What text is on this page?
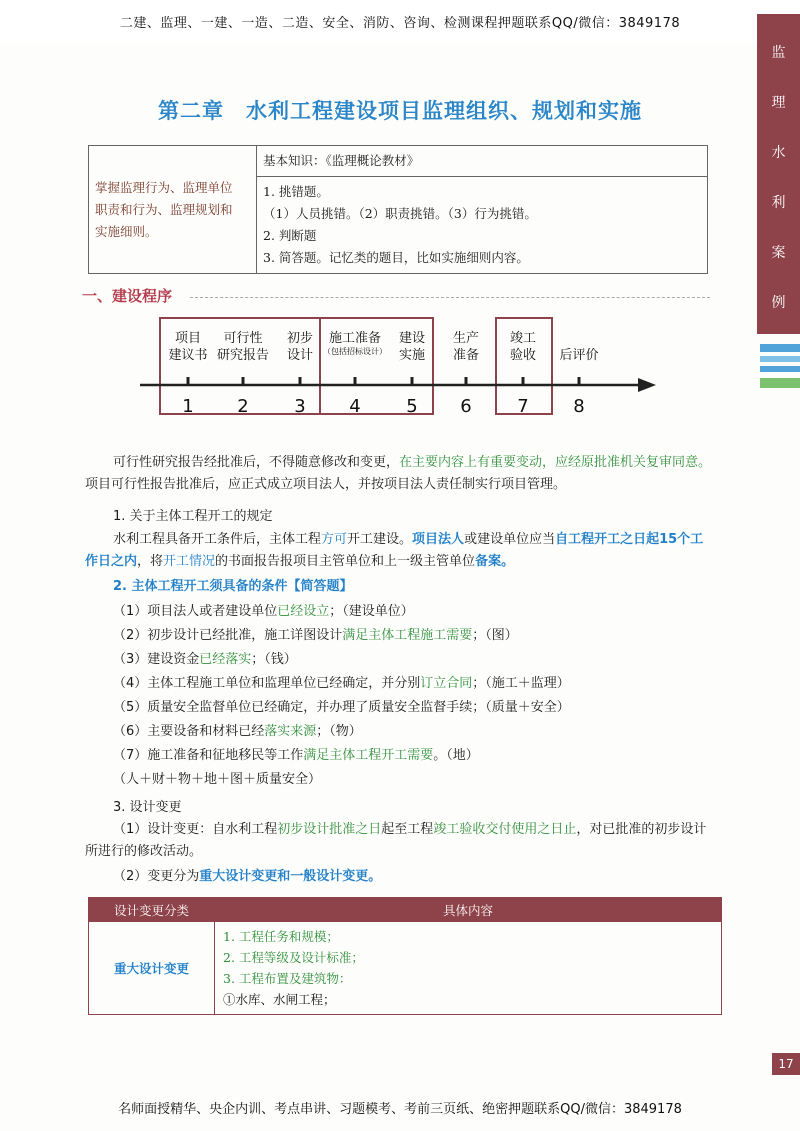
二建、监理、一建、一造、二造、安全、消防、咨询、检测课程押题联系QQ/微信：3849178
监
理
水
利
案
例
第二章　水利工程建设项目监理组织、规划和实施
掌握监理行为、监理单位
职责和行为、监理规划和
实施细则。
	基本知识：《监理概论教材》

1. 挑错题。
（1）人员挑错。（2）职责挑错。（3）行为挑错。
2. 判断题
3. 简答题。记忆类的题目，比如实施细则内容。
一、建设程序
项目
建议书
1
可行性
研究报告
2
初步
设计
3
施工准备
（包括招标设计）
4
建设
实施
5
生产
准备
6
竣工
验收
7
后评价
8
可行性研究报告经批准后，不得随意修改和变更，在主要内容上有重要变动，应经原批准机关复审同意。项目可行性报告批准后，应正式成立项目法人，并按项目法人责任制实行项目管理。
1. 关于主体工程开工的规定
水利工程具备开工条件后，主体工程方可开工建设。项目法人或建设单位应当自工程开工之日起15个工作日之内，将开工情况的书面报告报项目主管单位和上一级主管单位备案。
2. 主体工程开工须具备的条件【简答题】
（1）项目法人或者建设单位已经设立；（建设单位）
（2）初步设计已经批准，施工详图设计满足主体工程施工需要；（图）
（3）建设资金已经落实；（钱）
（4）主体工程施工单位和监理单位已经确定，并分别订立合同；（施工＋监理）
（5）质量安全监督单位已经确定，并办理了质量安全监督手续；（质量＋安全）
（6）主要设备和材料已经落实来源；（物）
（7）施工准备和征地移民等工作满足主体工程开工需要。（地）
（人＋财＋物＋地＋图＋质量安全）
3. 设计变更
（1）设计变更：自水利工程初步设计批准之日起至工程竣工验收交付使用之日止，对已批准的初步设计所进行的修改活动。
（2）变更分为重大设计变更和一般设计变更。
设计变更分类	具体内容
重大设计变更	1. 工程任务和规模；
2. 工程等级及设计标准；
3. 工程布置及建筑物：
①水库、水闸工程；
17
名师面授精华、央企内训、考点串讲、习题模考、考前三页纸、绝密押题联系QQ/微信：3849178
